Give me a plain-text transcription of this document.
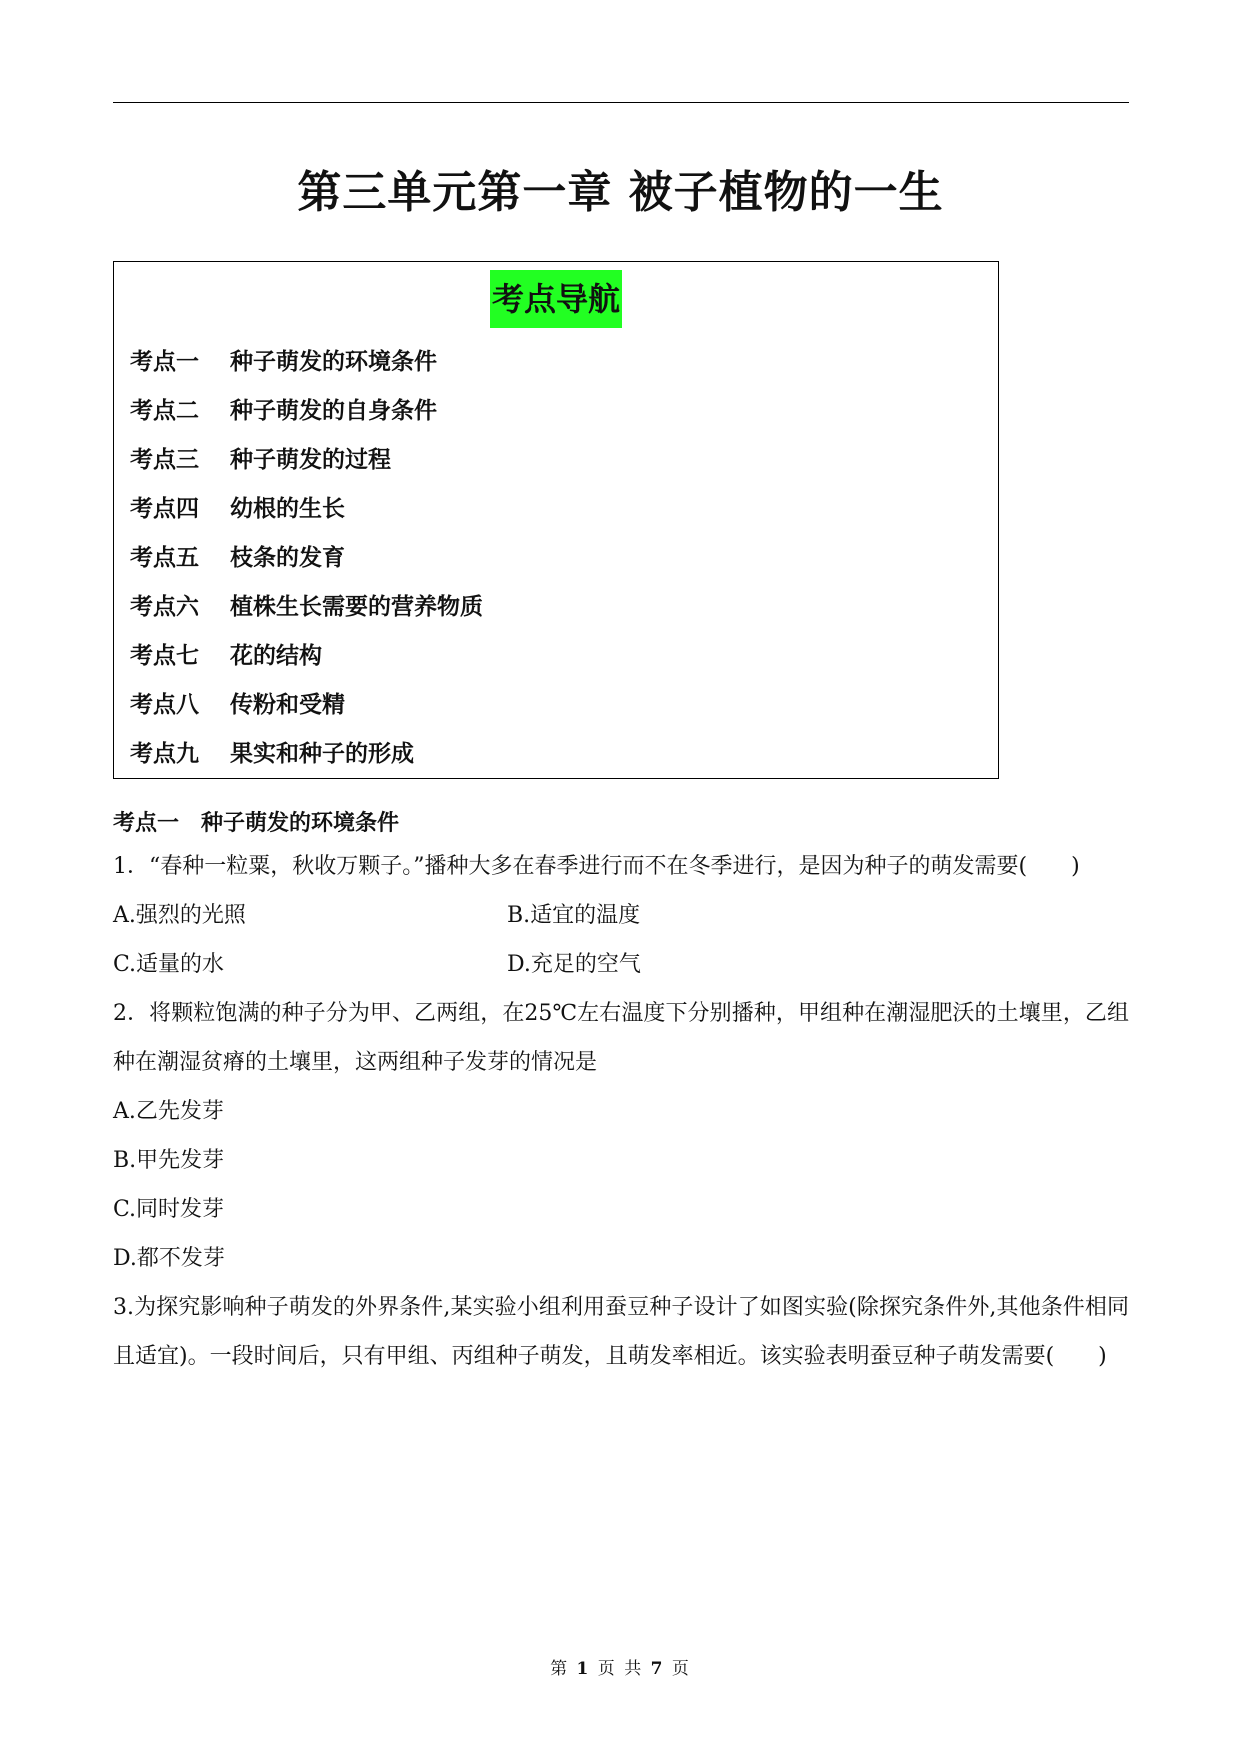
第三单元第一章 被子植物的一生
考点导航
考点一 种子萌发的环境条件
考点二 种子萌发的自身条件
考点三 种子萌发的过程
考点四 幼根的生长
考点五 枝条的发育
考点六 植株生长需要的营养物质
考点七 花的结构
考点八 传粉和受精
考点九 果实和种子的形成

考点一　种子萌发的环境条件

1．“春种一粒粟，秋收万颗子。”播种大多在春季进行而不在冬季进行，是因为种子的萌发需要(　　)

A.强烈的光照	B.适宜的温度
C.适量的水	D.充足的空气

2．将颗粒饱满的种子分为甲、乙两组，在25℃左右温度下分别播种，甲组种在潮湿肥沃的土壤里，乙组种在潮湿贫瘠的土壤里，这两组种子发芽的情况是

A.乙先发芽
B.甲先发芽
C.同时发芽
D.都不发芽

3.为探究影响种子萌发的外界条件,某实验小组利用蚕豆种子设计了如图实验(除探究条件外,其他条件相同且适宜)。一段时间后，只有甲组、丙组种子萌发，且萌发率相近。该实验表明蚕豆种子萌发需要(　　)

第 1 页 共 7 页
